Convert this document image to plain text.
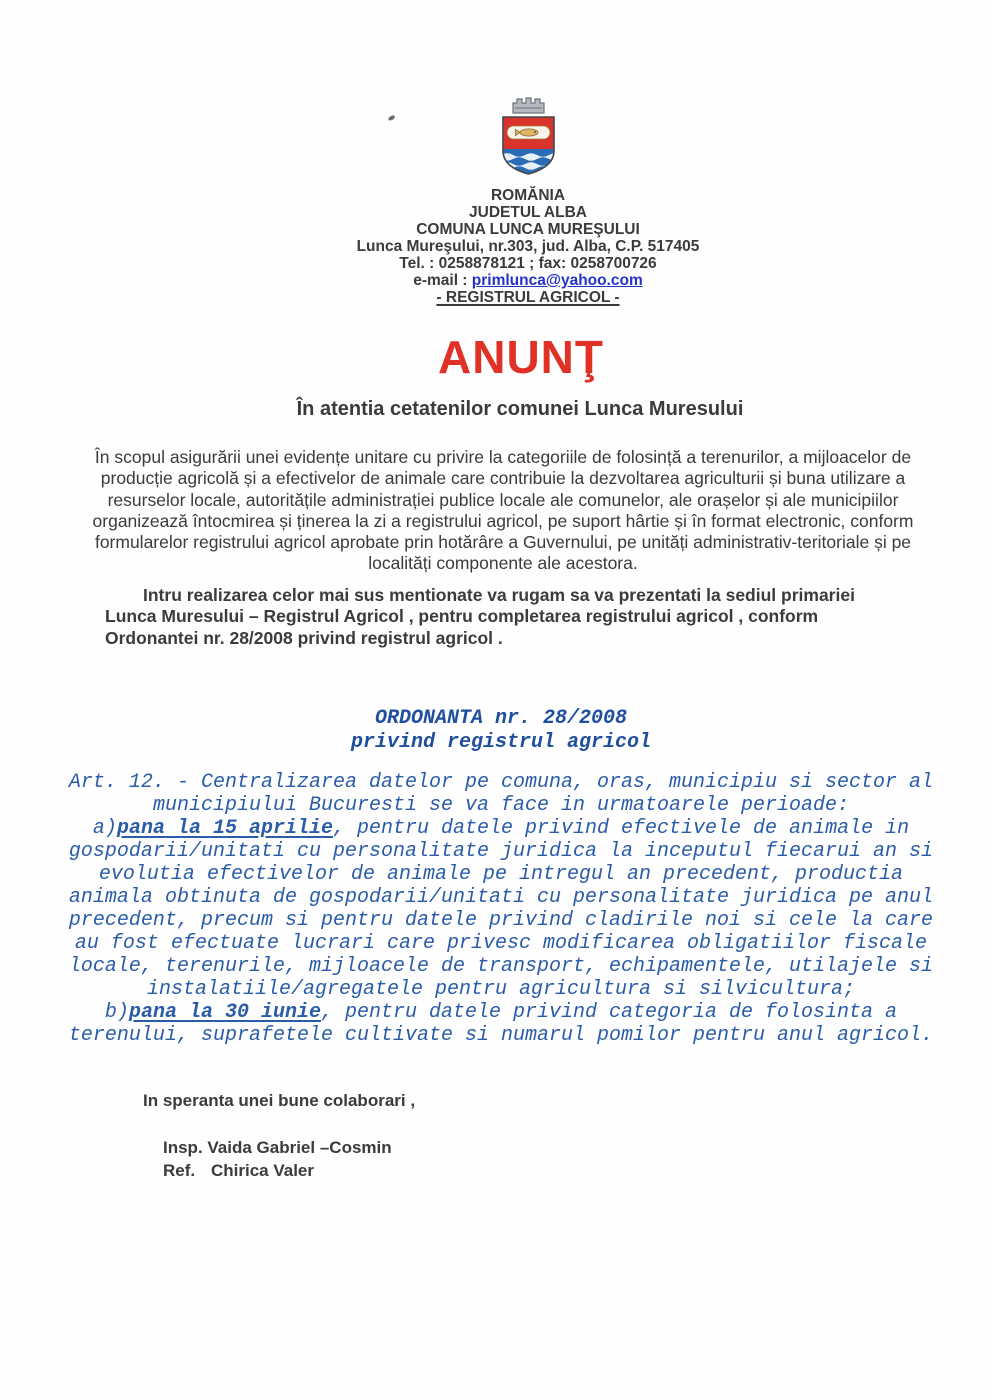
ROMĂNIA
JUDETUL ALBA
COMUNA LUNCA MUREŞULUI
Lunca Mureşului, nr.303, jud. Alba, C.P. 517405
Tel. : 0258878121 ; fax: 0258700726
e-mail : primlunca@yahoo.com
- REGISTRUL AGRICOL -
ANUNŢ
În atentia cetatenilor comunei Lunca Muresului

În scopul asigurării unei evidențe unitare cu privire la categoriile de folosință a terenurilor, a mijloacelor de producție agricolă și a efectivelor de animale care contribuie la dezvoltarea agriculturii și buna utilizare a resurselor locale, autoritățile administrației publice locale ale comunelor, ale orașelor și ale municipiilor organizează întocmirea și ținerea la zi a registrului agricol, pe suport hârtie și în format electronic, conform formularelor registrului agricol aprobate prin hotărâre a Guvernului, pe unități administrativ-teritoriale și pe localități componente ale acestora.

Intru realizarea celor mai sus mentionate va rugam sa va prezentati la sediul primariei Lunca Muresului – Registrul Agricol , pentru completarea registrului agricol , conform Ordonantei nr. 28/2008 privind registrul agricol .

ORDONANTA nr. 28/2008
privind registrul agricol

Art. 12. - Centralizarea datelor pe comuna, oras, municipiu si sector al municipiului Bucuresti se va face in urmatoarele perioade:

a)pana la 15 aprilie, pentru datele privind efectivele de animale in gospodarii/unitati cu personalitate juridica la inceputul fiecarui an si evolutia efectivelor de animale pe intregul an precedent, productia animala obtinuta de gospodarii/unitati cu personalitate juridica pe anul precedent, precum si pentru datele privind cladirile noi si cele la care au fost efectuate lucrari care privesc modificarea obligatiilor fiscale locale, terenurile, mijloacele de transport, echipamentele, utilajele si instalatiile/agregatele pentru agricultura si silvicultura;

b)pana la 30 iunie, pentru datele privind categoria de folosinta a terenului, suprafetele cultivate si numarul pomilor pentru anul agricol.

In speranta unei bune colaborari ,

Insp. Vaida Gabriel –Cosmin
Ref. Chirica Valer
